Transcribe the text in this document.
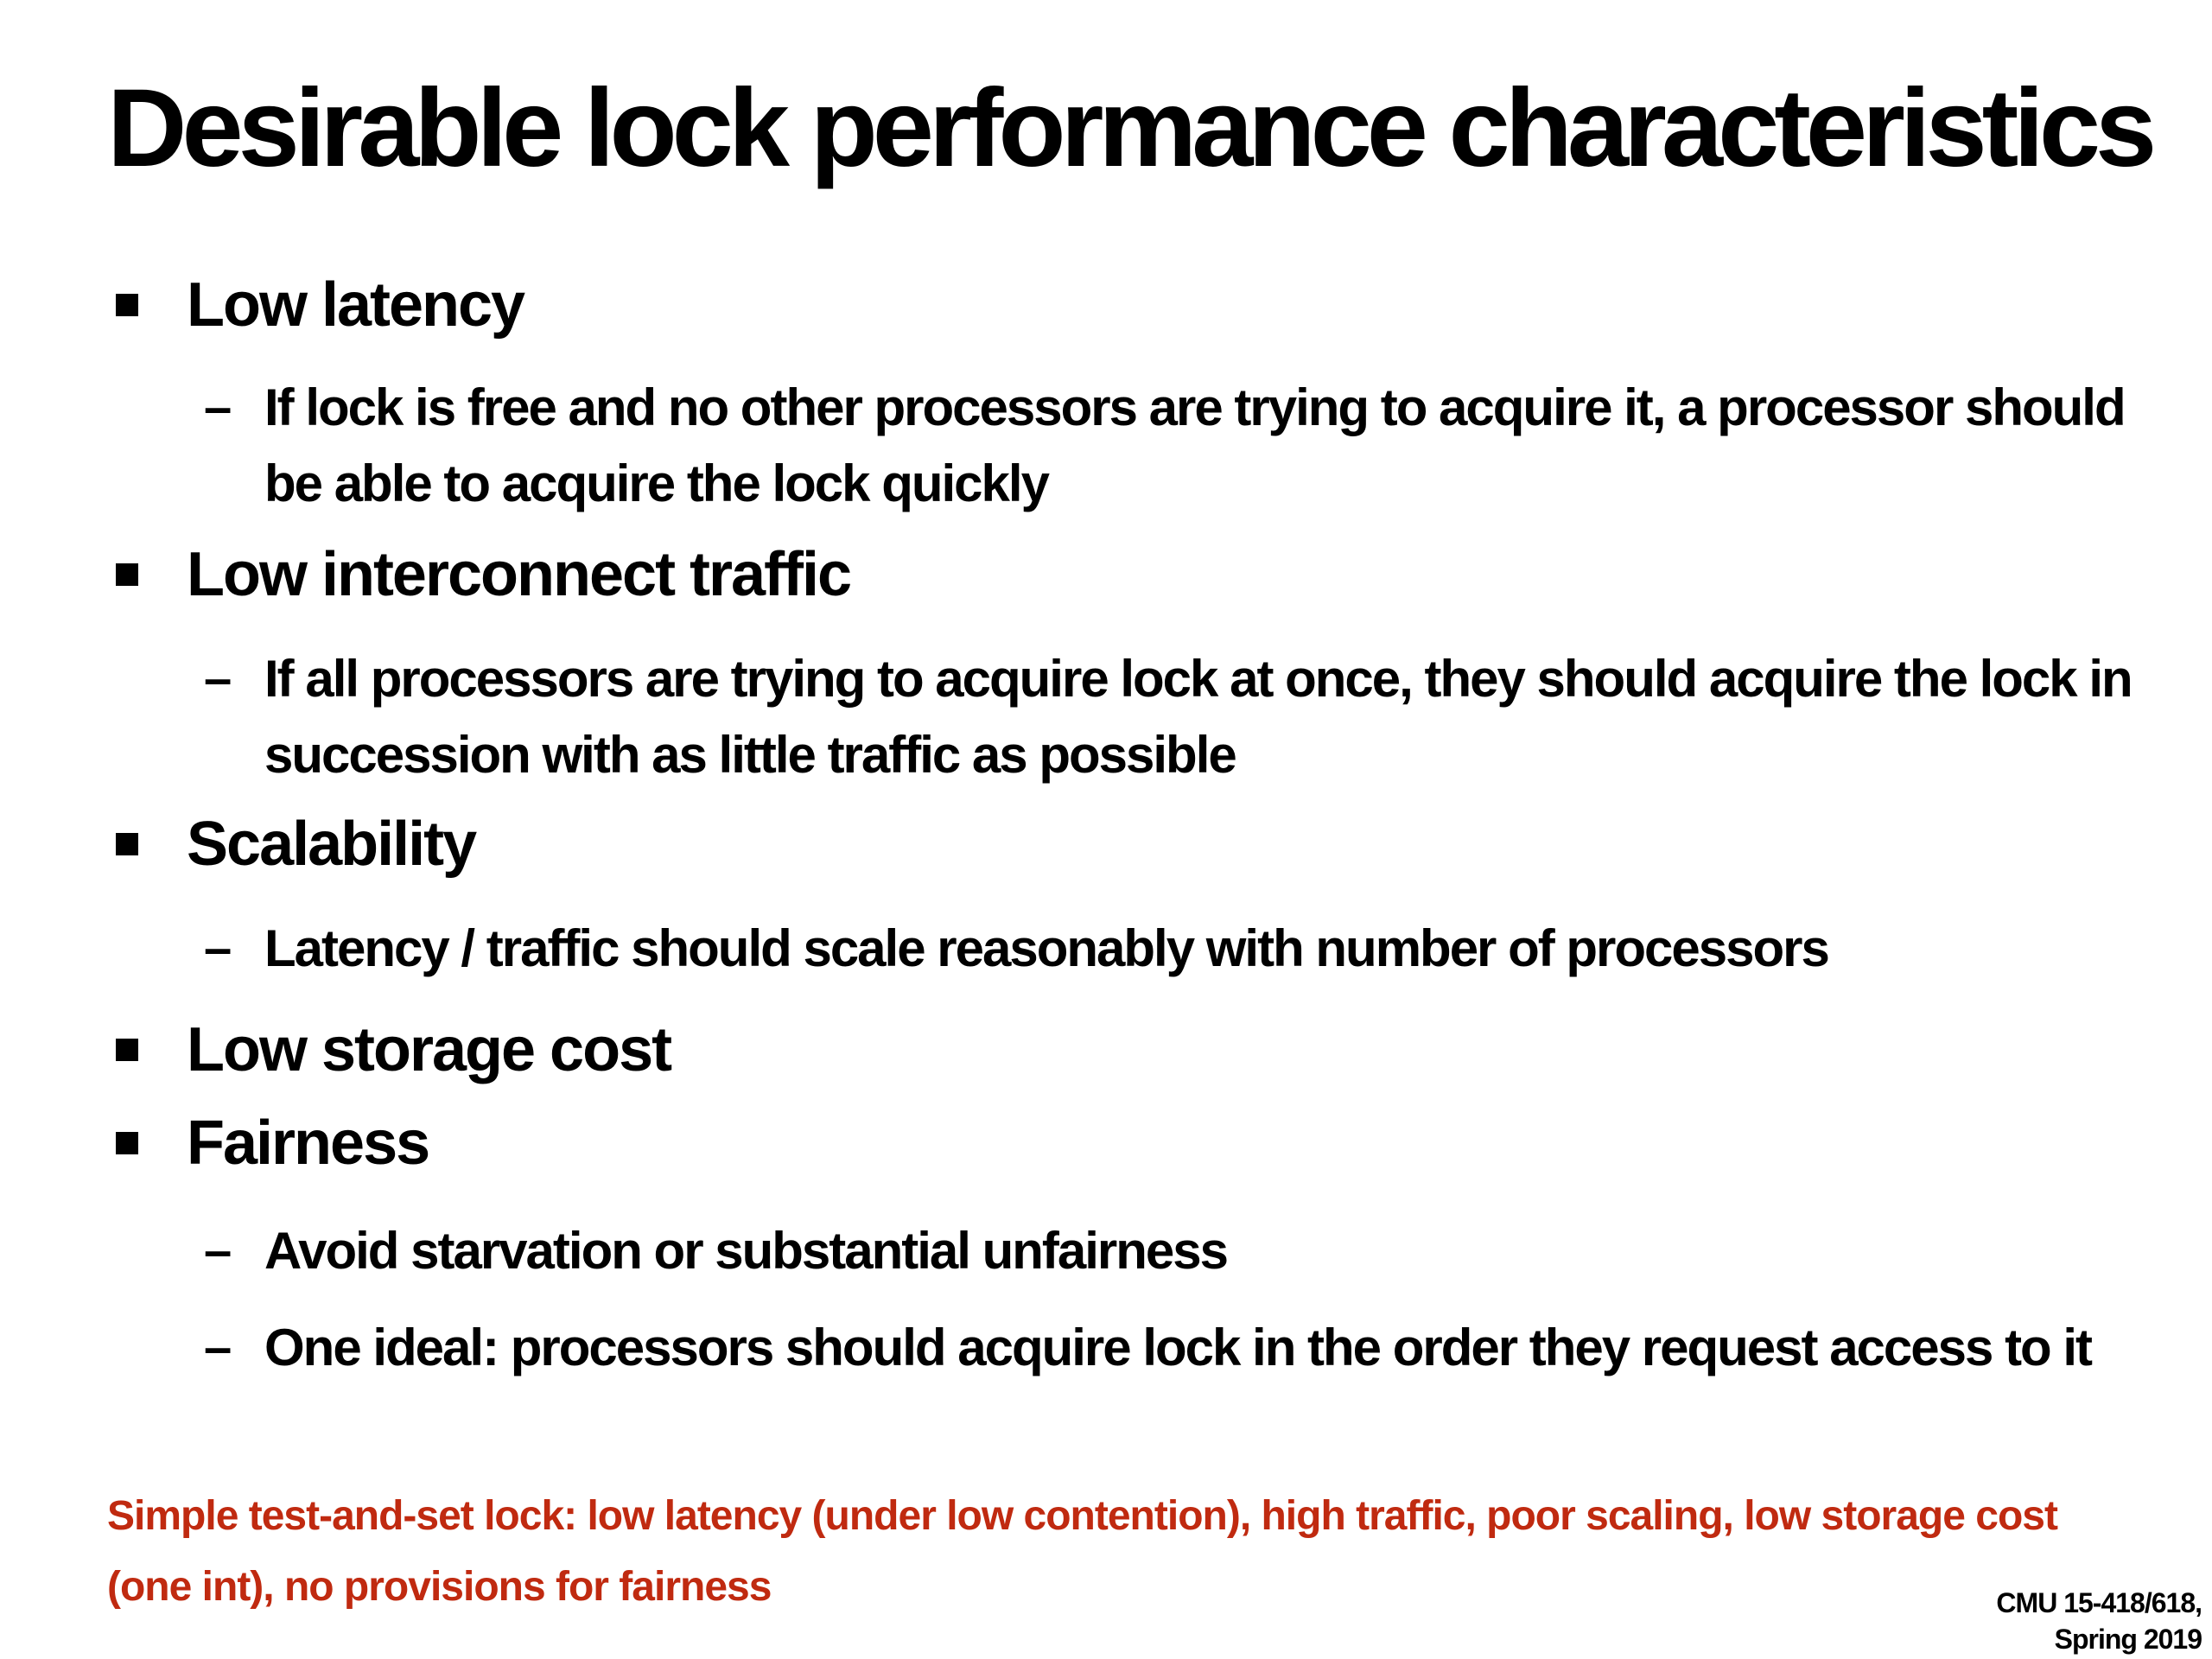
Desirable lock performance characteristics
Low latency
– If lock is free and no other processors are trying to acquire it, a processor should be able to acquire the lock quickly
Low interconnect traffic
– If all processors are trying to acquire lock at once, they should acquire the lock in succession with as little traffic as possible
Scalability
– Latency / traffic should scale reasonably with number of processors
Low storage cost
Fairness
– Avoid starvation or substantial unfairness
– One ideal: processors should acquire lock in the order they request access to it
Simple test-and-set lock: low latency (under low contention), high traffic, poor scaling, low storage cost (one int), no provisions for fairness	CMU 15-418/618,
Spring 2019
